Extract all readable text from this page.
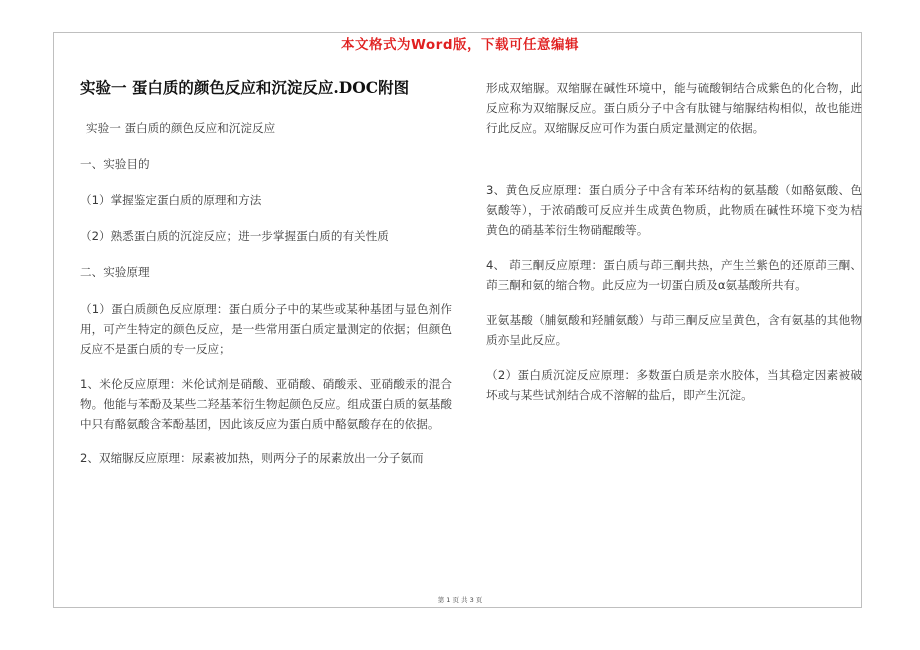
本文格式为Word版，下载可任意编辑

实验一 蛋白质的颜色反应和沉淀反应.DOC附图

实验一 蛋白质的颜色反应和沉淀反应

一、实验目的

（1）掌握鉴定蛋白质的原理和方法

（2）熟悉蛋白质的沉淀反应；进一步掌握蛋白质的有关性质

二、实验原理

（1）蛋白质颜色反应原理：蛋白质分子中的某些或某种基团与显色剂作用，可产生特定的颜色反应，是一些常用蛋白质定量测定的依据；但颜色反应不是蛋白质的专一反应；

1、米伦反应原理：米伦试剂是硝酸、亚硝酸、硝酸汞、亚硝酸汞的混合物。他能与苯酚及某些二羟基苯衍生物起颜色反应。组成蛋白质的氨基酸中只有酪氨酸含苯酚基团，因此该反应为蛋白质中酪氨酸存在的依据。

2、双缩脲反应原理：尿素被加热，则两分子的尿素放出一分子氨而

形成双缩脲。双缩脲在碱性环境中，能与硫酸铜结合成紫色的化合物，此反应称为双缩脲反应。蛋白质分子中含有肽键与缩脲结构相似，故也能进行此反应。双缩脲反应可作为蛋白质定量测定的依据。

3、黄色反应原理：蛋白质分子中含有苯环结构的氨基酸（如酪氨酸、色氨酸等），于浓硝酸可反应并生成黄色物质，此物质在碱性环境下变为桔黄色的硝基苯衍生物硝醌酸等。

4、 茚三酮反应原理：蛋白质与茚三酮共热，产生兰紫色的还原茚三酮、茚三酮和氨的缩合物。此反应为一切蛋白质及α氨基酸所共有。

亚氨基酸（脯氨酸和羟脯氨酸）与茚三酮反应呈黄色，含有氨基的其他物质亦呈此反应。

（2）蛋白质沉淀反应原理：多数蛋白质是亲水胶体，当其稳定因素被破坏或与某些试剂结合成不溶解的盐后，即产生沉淀。

第 1 页 共 3 页
